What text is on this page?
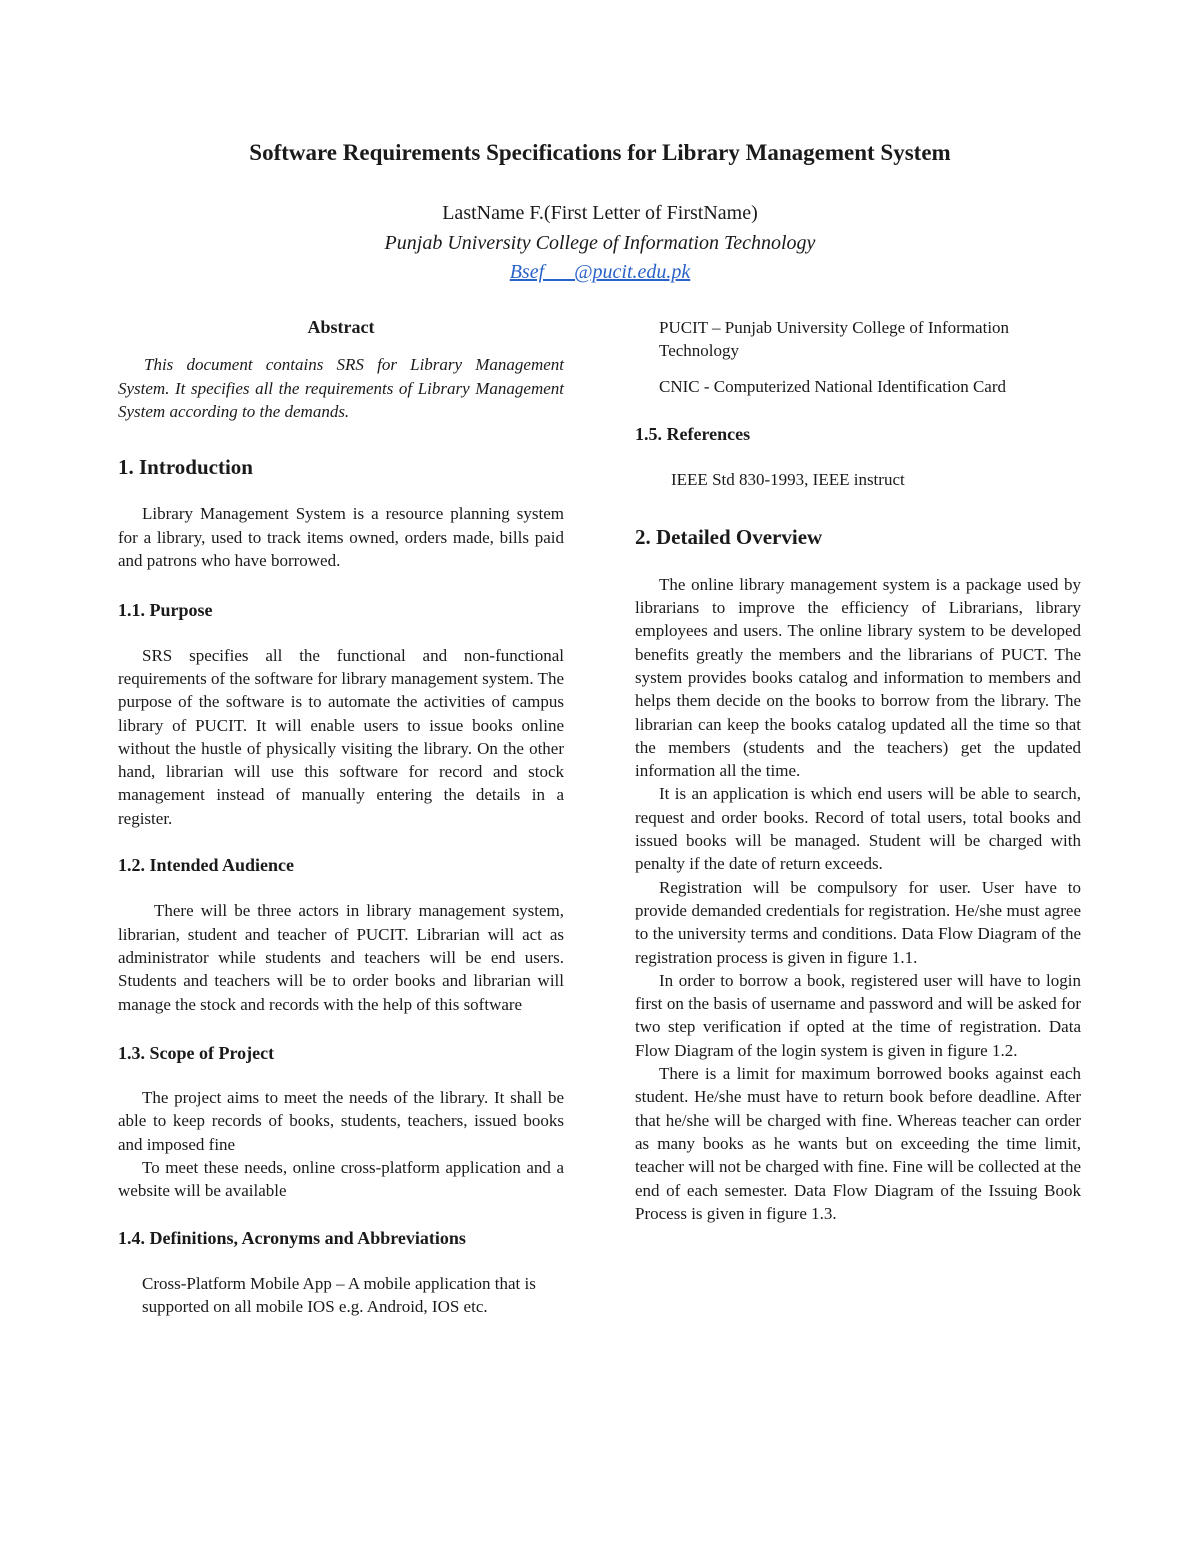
Software Requirements Specifications for Library Management System
LastName F.(First Letter of FirstName)
Punjab University College of Information Technology
Bsef___@pucit.edu.pk
Abstract

This document contains SRS for Library Management System. It specifies all the requirements of Library Management System according to the demands.

1. Introduction

Library Management System is a resource planning system for a library, used to track items owned, orders made, bills paid and patrons who have borrowed.

1.1. Purpose

SRS specifies all the functional and non-functional requirements of the software for library management system. The purpose of the software is to automate the activities of campus library of PUCIT. It will enable users to issue books online without the hustle of physically visiting the library. On the other hand, librarian will use this software for record and stock management instead of manually entering the details in a register.

1.2. Intended Audience

There will be three actors in library management system, librarian, student and teacher of PUCIT. Librarian will act as administrator while students and teachers will be end users. Students and teachers will be to order books and librarian will manage the stock and records with the help of this software

1.3. Scope of Project

The project aims to meet the needs of the library. It shall be able to keep records of books, students, teachers, issued books and imposed fine

To meet these needs, online cross-platform application and a website will be available

1.4. Definitions, Acronyms and Abbreviations

Cross-Platform Mobile App – A mobile application that is supported on all mobile IOS e.g. Android, IOS etc.

PUCIT – Punjab University College of Information Technology

CNIC - Computerized National Identification Card

1.5. References

IEEE Std 830-1993, IEEE instruct

2. Detailed Overview

The online library management system is a package used by librarians to improve the efficiency of Librarians, library employees and users. The online library system to be developed benefits greatly the members and the librarians of PUCT. The system provides books catalog and information to members and helps them decide on the books to borrow from the library. The librarian can keep the books catalog updated all the time so that the members (students and the teachers) get the updated information all the time.

It is an application is which end users will be able to search, request and order books. Record of total users, total books and issued books will be managed. Student will be charged with penalty if the date of return exceeds.

Registration will be compulsory for user. User have to provide demanded credentials for registration. He/she must agree to the university terms and conditions. Data Flow Diagram of the registration process is given in figure 1.1.

In order to borrow a book, registered user will have to login first on the basis of username and password and will be asked for two step verification if opted at the time of registration. Data Flow Diagram of the login system is given in figure 1.2.

There is a limit for maximum borrowed books against each student. He/she must have to return book before deadline. After that he/she will be charged with fine. Whereas teacher can order as many books as he wants but on exceeding the time limit, teacher will not be charged with fine. Fine will be collected at the end of each semester. Data Flow Diagram of the Issuing Book Process is given in figure 1.3.
